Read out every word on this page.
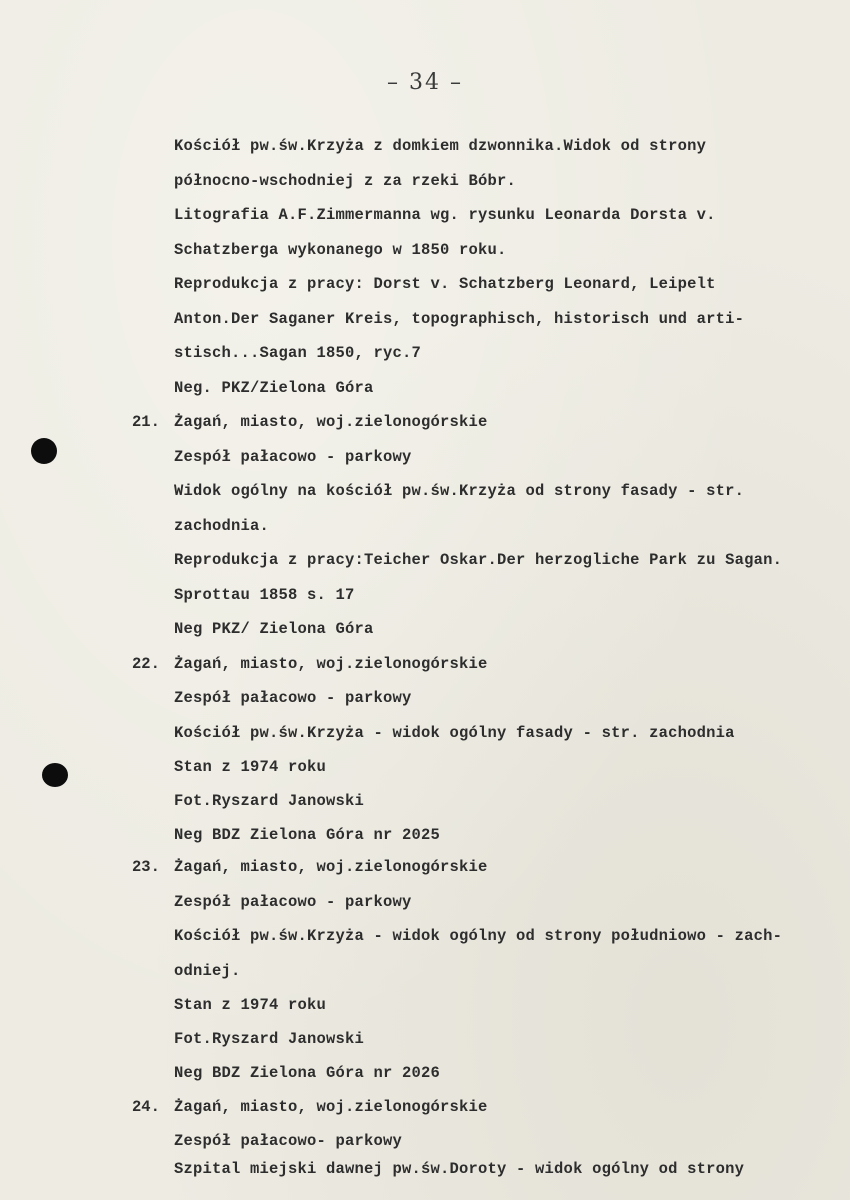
– 34 –
Kościół pw.św.Krzyża z domkiem dzwonnika.Widok od strony
północno-wschodniej z za rzeki Bóbr.
Litografia A.F.Zimmermanna wg. rysunku Leonarda Dorsta v.
Schatzberga wykonanego w 1850 roku.
Reprodukcja z pracy: Dorst v. Schatzberg Leonard, Leipelt
Anton.Der Saganer Kreis, topographisch, historisch und arti-
stisch...Sagan 1850, ryc.7
Neg. PKZ/Zielona Góra
21. Żagań, miasto, woj.zielonogórskie
Zespół pałacowo - parkowy
Widok ogólny na kościół pw.św.Krzyża od strony fasady - str.
zachodnia.
Reprodukcja z pracy:Teicher Oskar.Der herzogliche Park zu Sagan.
Sprottau 1858 s. 17
Neg PKZ/ Zielona Góra
22. Żagań, miasto, woj.zielonogórskie
Zespół pałacowo - parkowy
Kościół pw.św.Krzyża - widok ogólny fasady - str. zachodnia
Stan z 1974 roku
Fot.Ryszard Janowski
Neg BDZ Zielona Góra nr 2025
23. Żagań, miasto, woj.zielonogórskie
Zespół pałacowo - parkowy
Kościół pw.św.Krzyża - widok ogólny od strony południowo - zach-
odniej.
Stan z 1974 roku
Fot.Ryszard Janowski
Neg BDZ Zielona Góra nr 2026
24. Żagań, miasto, woj.zielonogórskie
Zespół pałacowo- parkowy
Szpital miejski dawnej pw.św.Doroty - widok ogólny od strony
